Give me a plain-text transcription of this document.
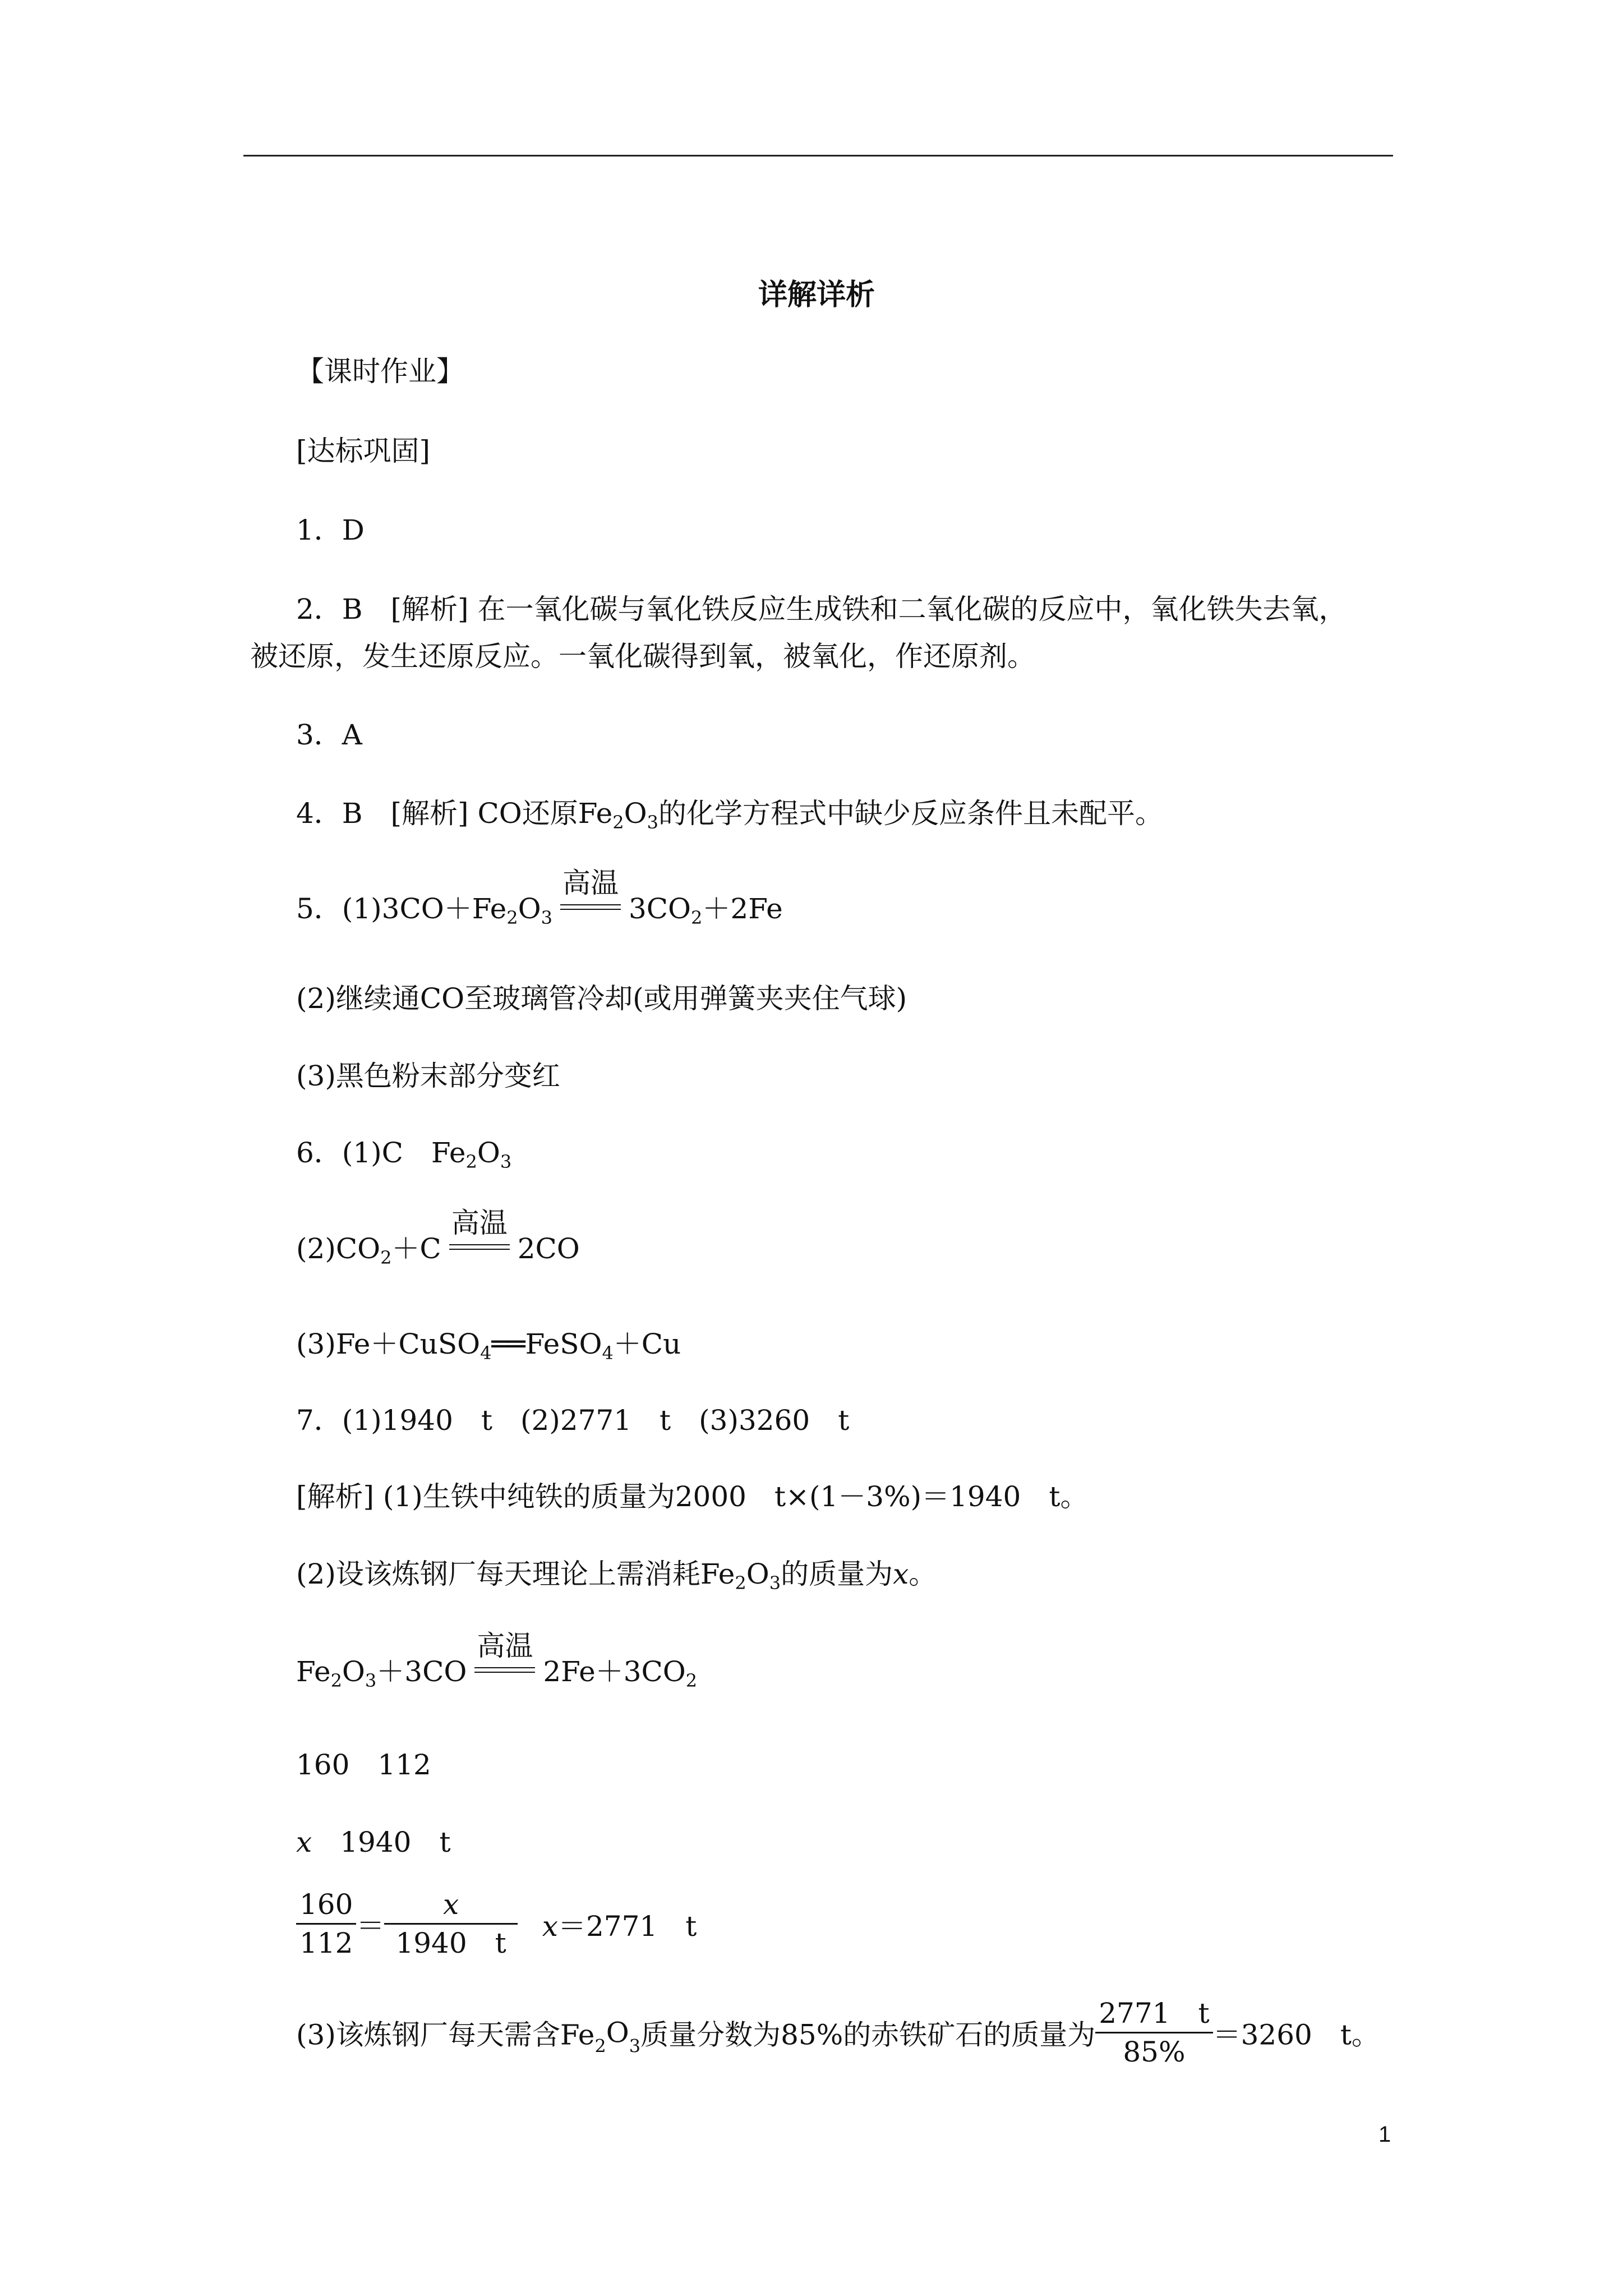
详解详析
【课时作业】
[达标巩固]
1．D
2．B　[解析] 在一氧化碳与氧化铁反应生成铁和二氧化碳的反应中，氧化铁失去氧，
被还原，发生还原反应。一氧化碳得到氧，被氧化，作还原剂。
3．A
4．B　[解析] CO还原$Fe_2O_3$的化学方程式中缺少反应条件且未配平。
5．$(1)3CO+Fe_2O_3$
高温
$3CO_2+2Fe$
(2)继续通CO至玻璃管冷却(或用弹簧夹夹住气球)
(3)黑色粉末部分变红
6．(1)C　$Fe_2O_3$
$(2)CO_2+C$
高温
2CO
(3)Fe＋CuSO$_4$══FeSO$_4$＋Cu
7．(1)1940　t　(2)2771　t　(3)3260　t
[解析] (1)生铁中纯铁的质量为2000　t×(1－3%)＝1940　t。
(2)设该炼钢厂每天理论上需消耗$Fe_2O_3$的质量为x。
$Fe_2O_3+3CO$
高温
$2Fe+3CO_2$
160　112
x　 1940　t
$\frac{160}{112} = \frac{x}{1940 t} x=2771$　t
(3)该炼钢厂每天需含$Fe_2O_3$质量分数为85%的赤铁矿石的质量为 $\frac{2771 t}{85\%} =3260$　t。
1
